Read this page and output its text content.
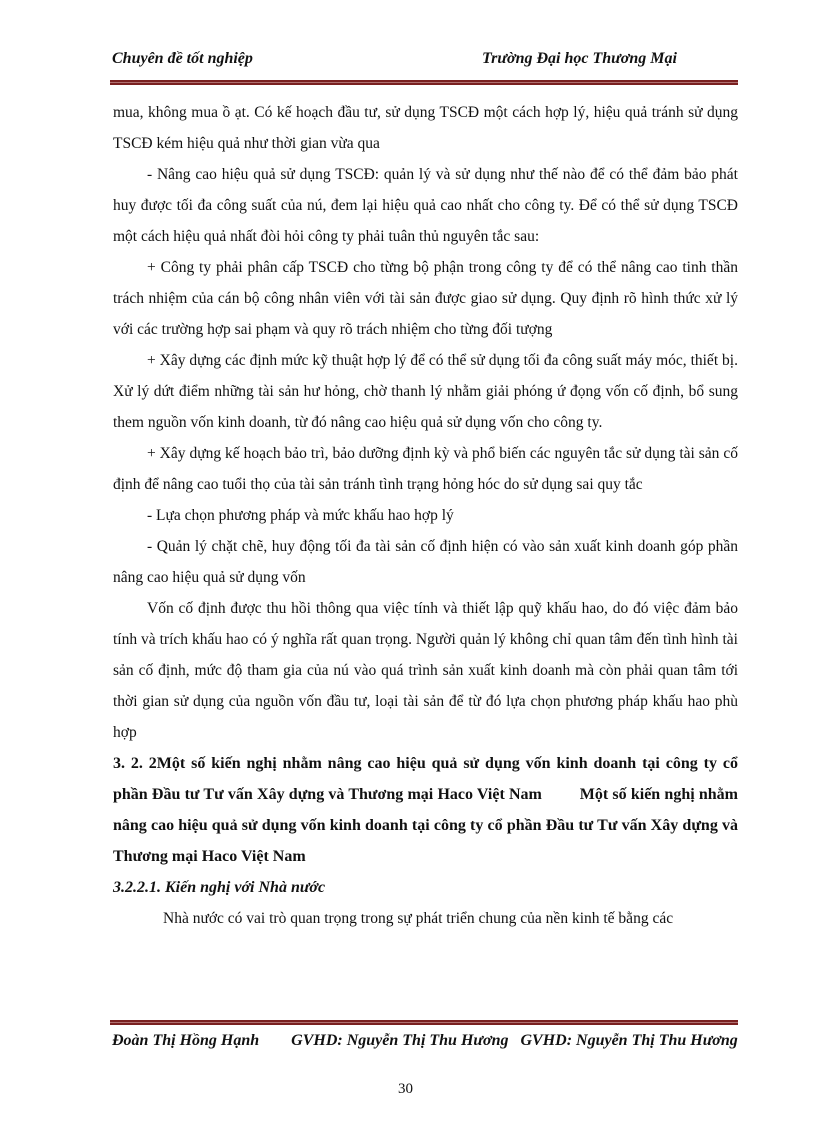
Chuyên đề tốt nghiệp	Trường Đại học Thương Mại

mua, không mua ồ ạt. Có kế hoạch đầu tư, sử dụng TSCĐ một cách hợp lý, hiệu quả tránh sử dụng TSCĐ kém hiệu quả như thời gian vừa qua

- Nâng cao hiệu quả sử dụng TSCĐ: quản lý và sử dụng như thế nào để có thể đảm bảo phát huy được tối đa công suất của nú, đem lại hiệu quả cao nhất cho công ty. Để có thể sử dụng TSCĐ một cách hiệu quả nhất đòi hỏi công ty phải tuân thủ nguyên tắc sau:

+ Công ty phải phân cấp TSCĐ cho từng bộ phận trong công ty để có thể nâng cao tinh thần trách nhiệm của cán bộ công nhân viên với tài sản được giao sử dụng. Quy định rõ hình thức xử lý với các trường hợp sai phạm và quy rõ trách nhiệm cho từng đối tượng

+ Xây dựng các định mức kỹ thuật hợp lý để có thể sử dụng tối đa công suất máy móc, thiết bị. Xử lý dứt điểm những tài sản hư hỏng, chờ thanh lý nhằm giải phóng ứ đọng vốn cố định, bổ sung them nguồn vốn kinh doanh, từ đó nâng cao hiệu quả sử dụng vốn cho công ty.

+ Xây dựng kế hoạch bảo trì, bảo dưỡng định kỳ và phổ biến các nguyên tắc sử dụng tài sản cố định để nâng cao tuổi thọ của tài sản tránh tình trạng hỏng hóc do sử dụng sai quy tắc

- Lựa chọn phương pháp và mức khấu hao hợp lý

- Quản lý chặt chẽ, huy động tối đa tài sản cố định hiện có vào sản xuất kinh doanh góp phần nâng cao hiệu quả sử dụng vốn

Vốn cố định được thu hồi thông qua việc tính và thiết lập quỹ khấu hao, do đó việc đảm bảo tính và trích khấu hao có ý nghĩa rất quan trọng. Người quản lý không chỉ quan tâm đến tình hình tài sản cố định, mức độ tham gia của nú vào quá trình sản xuất kinh doanh mà còn phải quan tâm tới thời gian sử dụng của nguồn vốn đầu tư, loại tài sản để từ đó lựa chọn phương pháp khấu hao phù hợp

3. 2. 2Một số kiến nghị nhằm nâng cao hiệu quả sử dụng vốn kinh doanh tại công ty cổ phần Đầu tư Tư vấn Xây dựng và Thương mại Haco Việt Nam         Một số kiến nghị nhằm nâng cao hiệu quả sử dụng vốn kinh doanh tại công ty cổ phần Đầu tư Tư vấn Xây dựng và Thương mại Haco Việt Nam

3.2.2.1. Kiến nghị với Nhà nước

Nhà nước có vai trò quan trọng trong sự phát triển chung của nền kinh tế bằng các

Đoàn Thị Hồng Hạnh        GVHD: Nguyễn Thị Thu Hương   GVHD: Nguyễn Thị Thu Hương
30
